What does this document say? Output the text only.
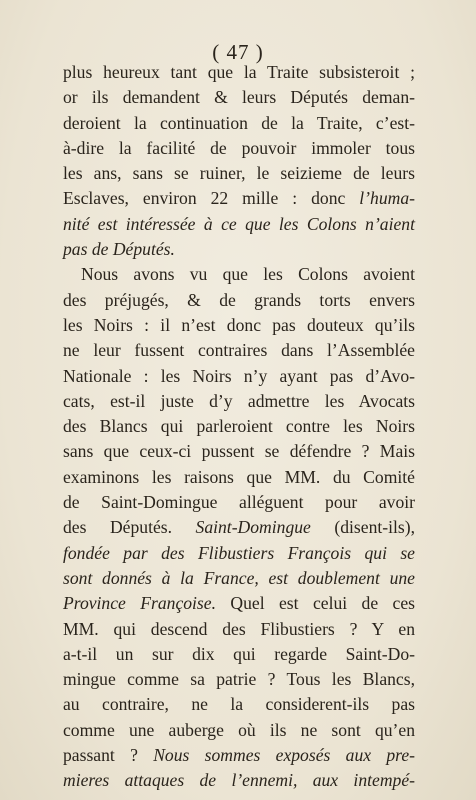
( 47 )
plus heureux tant que la Traite subsisteroit ;
or ils demandent & leurs Députés deman-
deroient la continuation de la Traite, c’est-
à-dire la facilité de pouvoir immoler tous
les ans, sans se ruiner, le seizieme de leurs
Esclaves, environ 22 mille : donc l’huma-
nité est intéressée à ce que les Colons n’aient
pas de Députés.
Nous avons vu que les Colons avoient
des préjugés, & de grands torts envers
les Noirs : il n’est donc pas douteux qu’ils
ne leur fussent contraires dans l’Assemblée
Nationale : les Noirs n’y ayant pas d’Avo-
cats, est-il juste d’y admettre les Avocats
des Blancs qui parleroient contre les Noirs
sans que ceux-ci pussent se défendre ? Mais
examinons les raisons que MM. du Comité
de Saint-Domingue alléguent pour avoir
des Députés. Saint-Domingue (disent-ils),
fondée par des Flibustiers François qui se
sont donnés à la France, est doublement une
Province Françoise. Quel est celui de ces
MM. qui descend des Flibustiers ? Y en
a-t-il un sur dix qui regarde Saint-Do-
mingue comme sa patrie ? Tous les Blancs,
au contraire, ne la considerent-ils pas
comme une auberge où ils ne sont qu’en
passant ? Nous sommes exposés aux pre-
mieres attaques de l’ennemi, aux intempé-
